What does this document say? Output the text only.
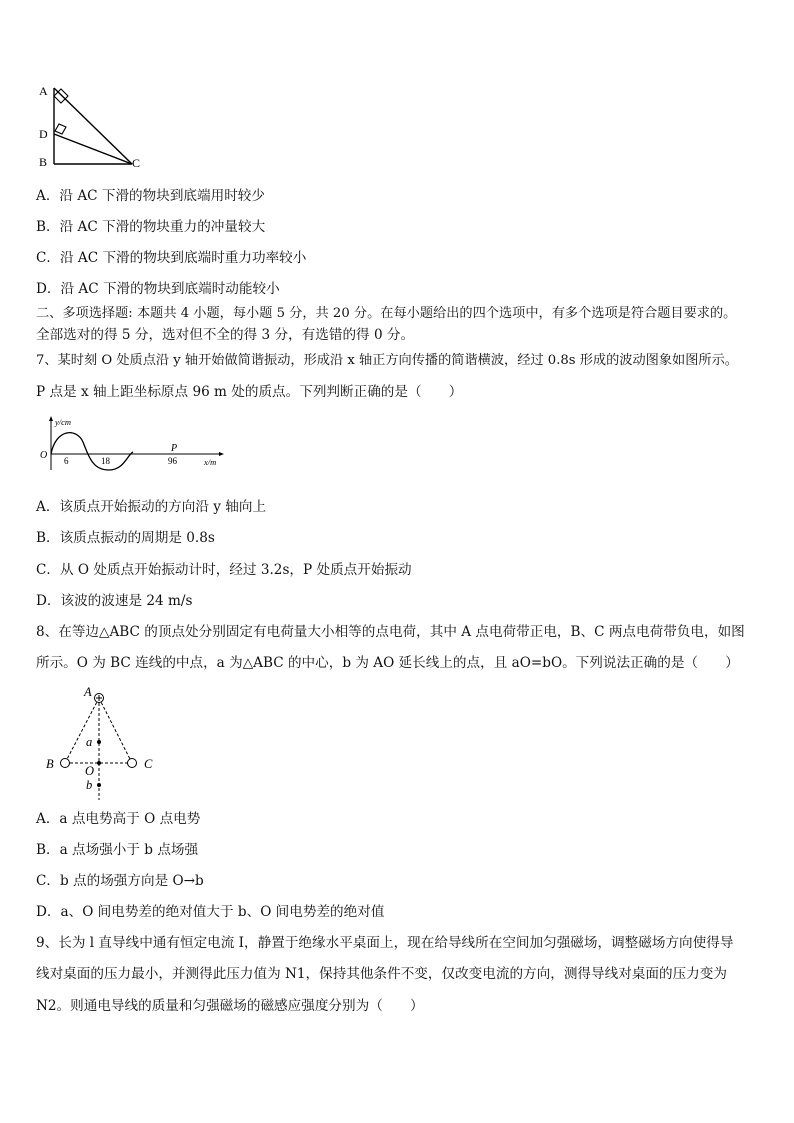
A
D
B	C
A．沿 AC 下滑的物块到底端用时较少
B．沿 AC 下滑的物块重力的冲量较大
C．沿 AC 下滑的物块到底端时重力功率较小
D．沿 AC 下滑的物块到底端时动能较小
二、多项选择题: 本题共 4 小题，每小题 5 分，共 20 分。在每小题给出的四个选项中，有多个选项是符合题目要求的。
全部选对的得 5 分，选对但不全的得 3 分，有选错的得 0 分。
7、某时刻 O 处质点沿 y 轴开始做简谐振动，形成沿 x 轴正方向传播的简谐横波，经过 0.8s 形成的波动图象如图所示。
P 点是 x 轴上距坐标原点 96 m 处的质点。下列判断正确的是（　　）
y/cm
O 6	18	96
P
x/m
A．该质点开始振动的方向沿 y 轴向上
B．该质点振动的周期是 0.8s
C．从 O 处质点开始振动计时，经过 3.2s，P 处质点开始振动
D．该波的波速是 24 m/s
8、在等边△ABC 的顶点处分别固定有电荷量大小相等的点电荷，其中 A 点电荷带正电，B、C 两点电荷带负电，如图
所示。O 为 BC 连线的中点，a 为△ABC 的中心，b 为 AO 延长线上的点，且 aO=bO。下列说法正确的是（　　）
A
a
B	O	C
b
A．a 点电势高于 O 点电势
B．a 点场强小于 b 点场强
C．b 点的场强方向是 O→b
D．a、O 间电势差的绝对值大于 b、O 间电势差的绝对值
9、长为 l 直导线中通有恒定电流 I，静置于绝缘水平桌面上，现在给导线所在空间加匀强磁场，调整磁场方向使得导
线对桌面的压力最小，并测得此压力值为 N1，保持其他条件不变，仅改变电流的方向，测得导线对桌面的压力变为
N2。则通电导线的质量和匀强磁场的磁感应强度分别为（　　）
